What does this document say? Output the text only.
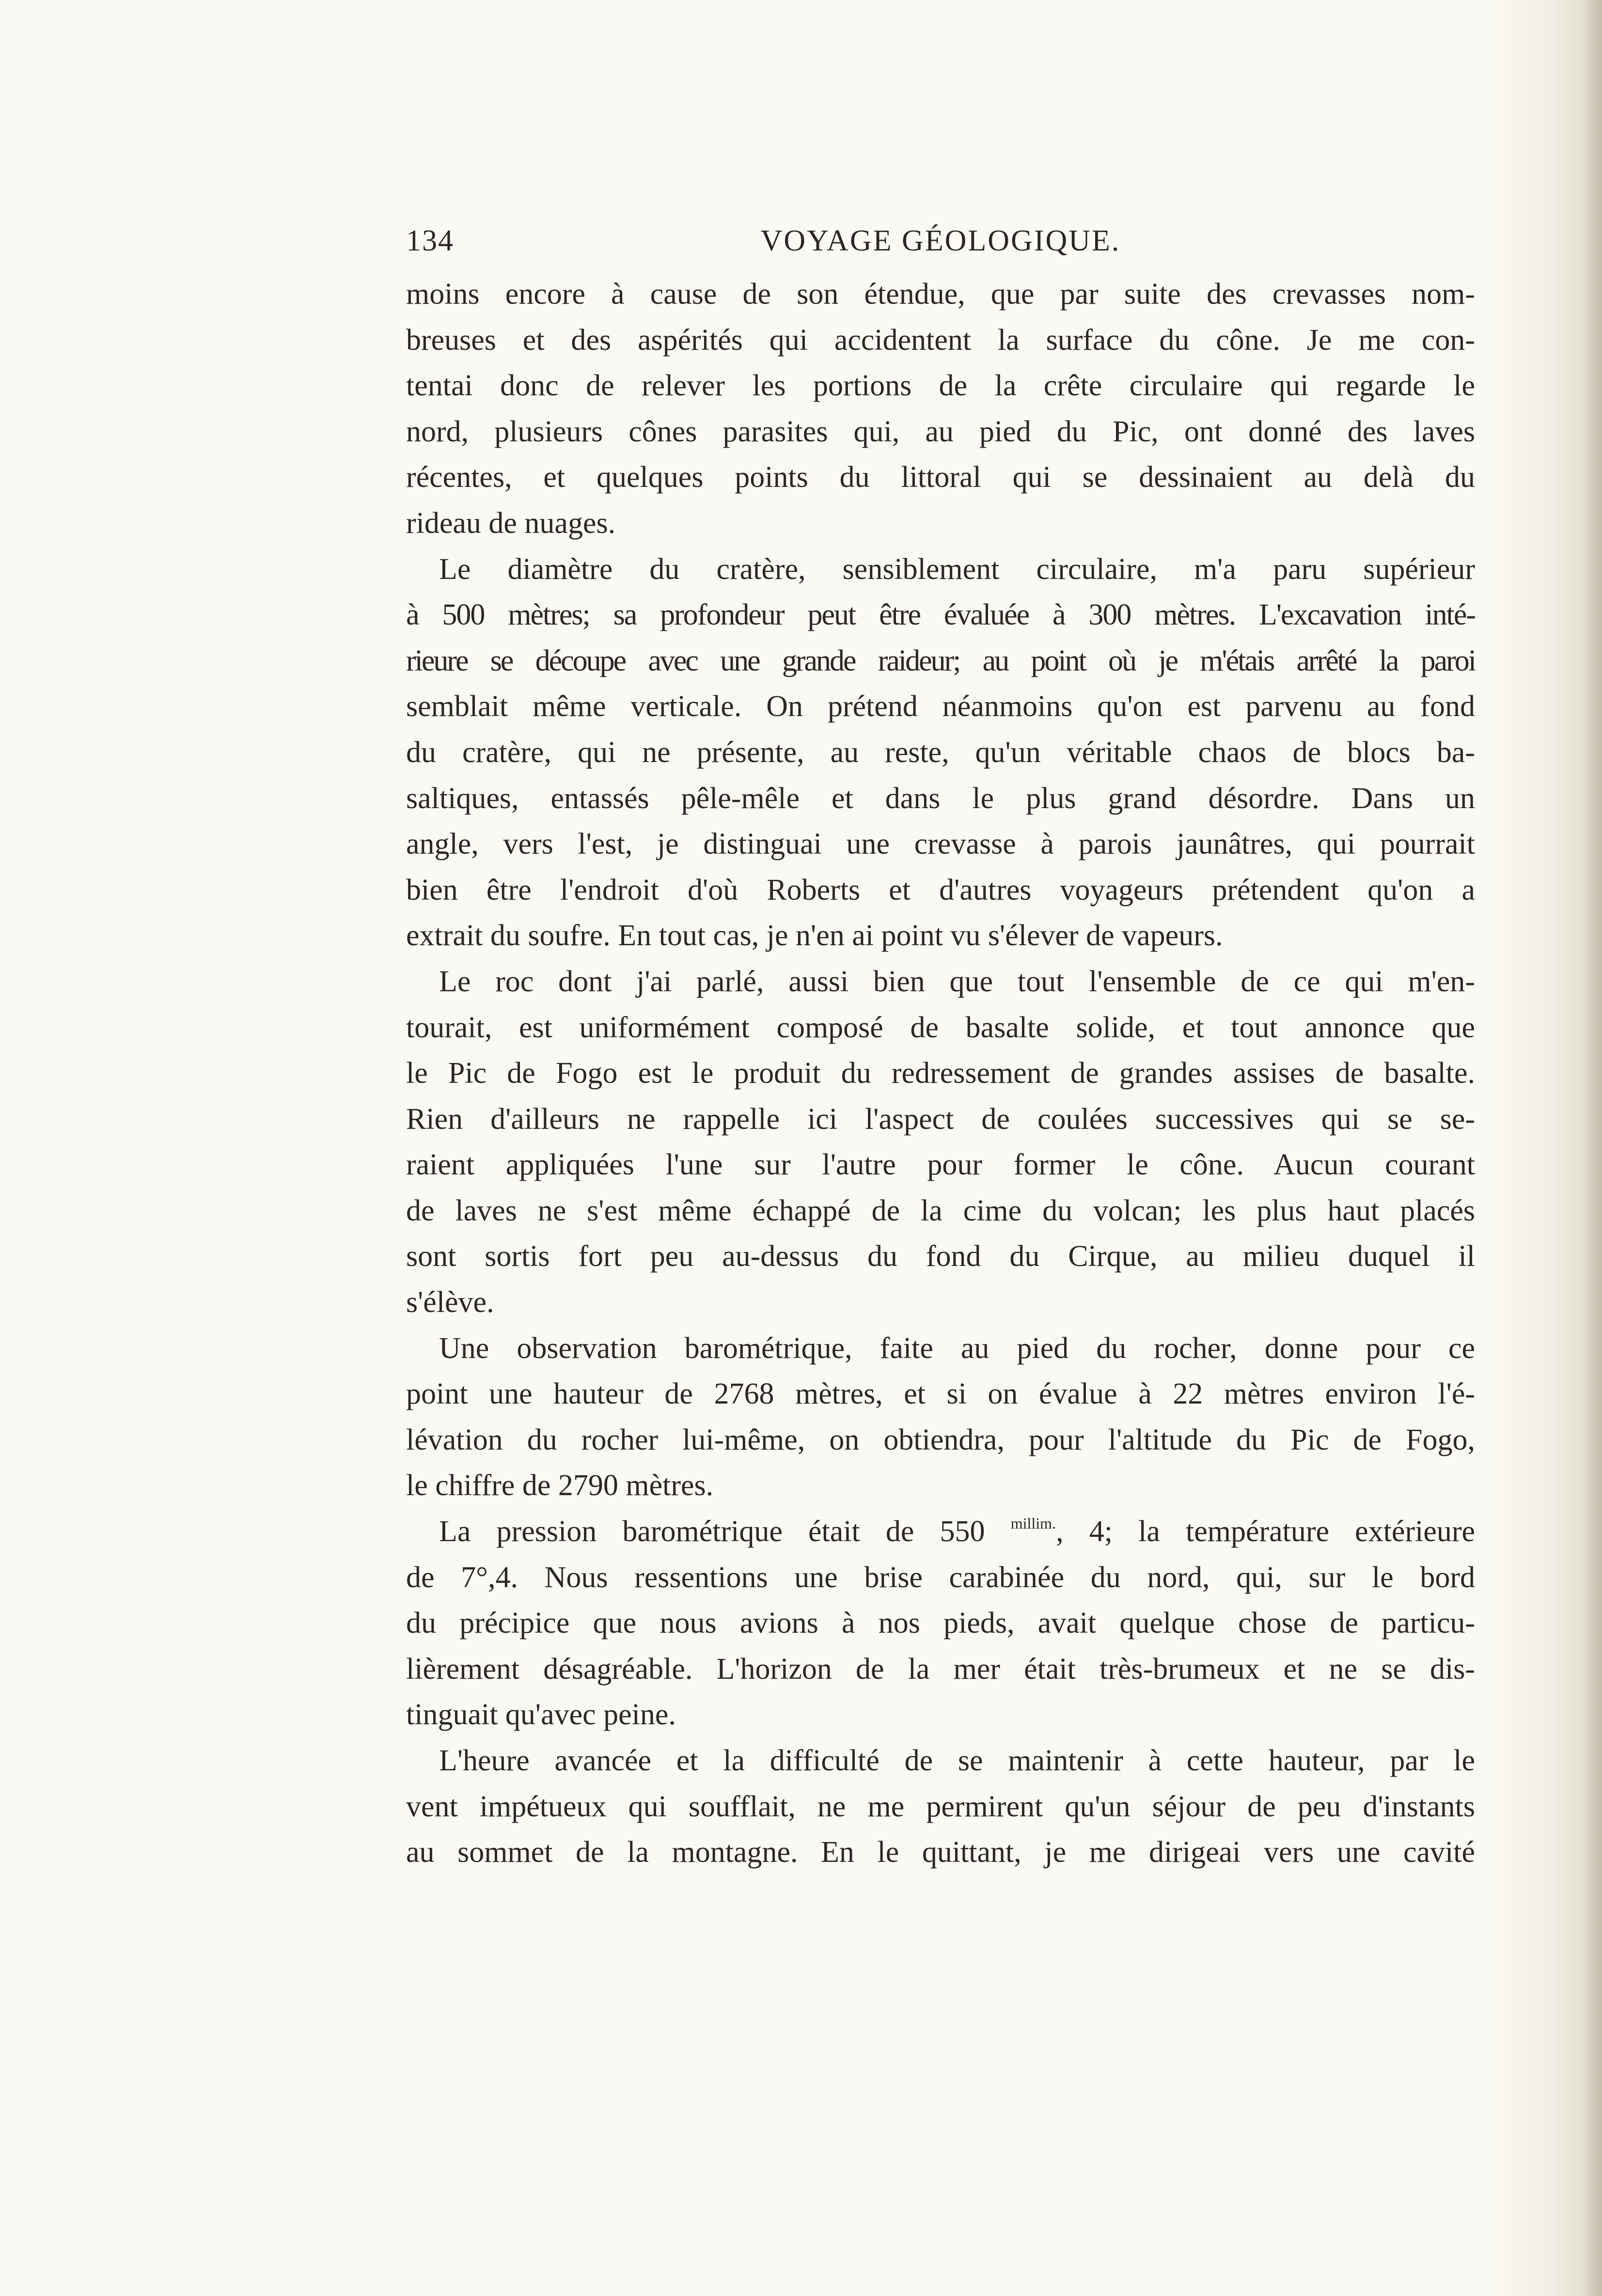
134	VOYAGE GÉOLOGIQUE.
moins encore à cause de son étendue, que par suite des crevasses nom-
breuses et des aspérités qui accidentent la surface du cône. Je me con-
tentai donc de relever les portions de la crête circulaire qui regarde le
nord, plusieurs cônes parasites qui, au pied du Pic, ont donné des laves
récentes, et quelques points du littoral qui se dessinaient au delà du
rideau de nuages.
Le diamètre du cratère, sensiblement circulaire, m'a paru supérieur
à 500 mètres; sa profondeur peut être évaluée à 300 mètres. L'excavation inté-
rieure se découpe avec une grande raideur; au point où je m'étais arrêté la paroi
semblait même verticale. On prétend néanmoins qu'on est parvenu au fond
du cratère, qui ne présente, au reste, qu'un véritable chaos de blocs ba-
saltiques, entassés pêle-mêle et dans le plus grand désordre. Dans un
angle, vers l'est, je distinguai une crevasse à parois jaunâtres, qui pourrait
bien être l'endroit d'où Roberts et d'autres voyageurs prétendent qu'on a
extrait du soufre. En tout cas, je n'en ai point vu s'élever de vapeurs.
Le roc dont j'ai parlé, aussi bien que tout l'ensemble de ce qui m'en-
tourait, est uniformément composé de basalte solide, et tout annonce que
le Pic de Fogo est le produit du redressement de grandes assises de basalte.
Rien d'ailleurs ne rappelle ici l'aspect de coulées successives qui se se-
raient appliquées l'une sur l'autre pour former le cône. Aucun courant
de laves ne s'est même échappé de la cime du volcan; les plus haut placés
sont sortis fort peu au-dessus du fond du Cirque, au milieu duquel il
s'élève.
Une observation barométrique, faite au pied du rocher, donne pour ce
point une hauteur de 2768 mètres, et si on évalue à 22 mètres environ l'é-
lévation du rocher lui-même, on obtiendra, pour l'altitude du Pic de Fogo,
le chiffre de 2790 mètres.
La pression barométrique était de 550 $^{millim.}$, 4; la température extérieure
de 7°,4. Nous ressentions une brise carabinée du nord, qui, sur le bord
du précipice que nous avions à nos pieds, avait quelque chose de particu-
lièrement désagréable. L'horizon de la mer était très-brumeux et ne se dis-
tinguait qu'avec peine.
L'heure avancée et la difficulté de se maintenir à cette hauteur, par le
vent impétueux qui soufflait, ne me permirent qu'un séjour de peu d'instants
au sommet de la montagne. En le quittant, je me dirigeai vers une cavité
